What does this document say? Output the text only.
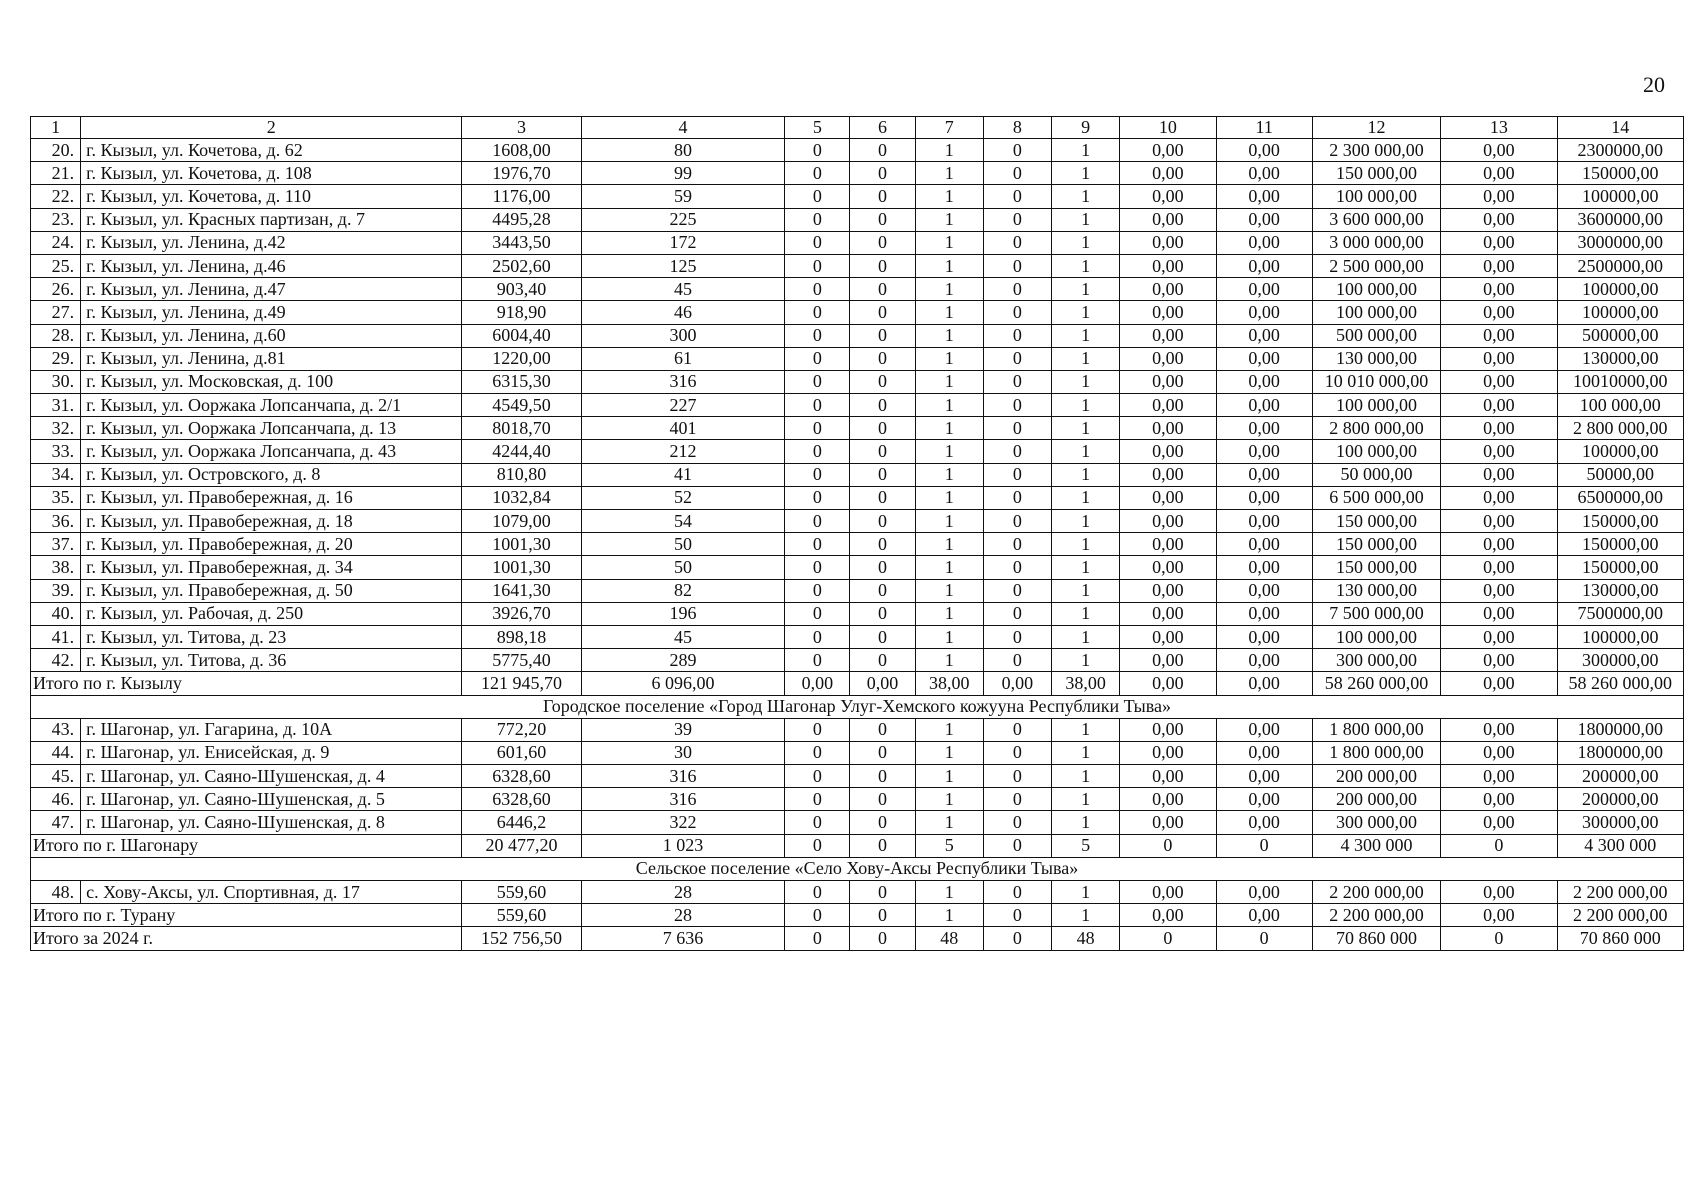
20
1	2	3	4	5	6	7	8	9	10	11	12	13	14
20.	г. Кызыл, ул. Кочетова, д. 62	1608,00	80	0	0	1	0	1	0,00	0,00	2 300 000,00	0,00	2300000,00
21.	г. Кызыл, ул. Кочетова, д. 108	1976,70	99	0	0	1	0	1	0,00	0,00	150 000,00	0,00	150000,00
22.	г. Кызыл, ул. Кочетова, д. 110	1176,00	59	0	0	1	0	1	0,00	0,00	100 000,00	0,00	100000,00
23.	г. Кызыл, ул. Красных партизан, д. 7	4495,28	225	0	0	1	0	1	0,00	0,00	3 600 000,00	0,00	3600000,00
24.	г. Кызыл, ул. Ленина, д.42	3443,50	172	0	0	1	0	1	0,00	0,00	3 000 000,00	0,00	3000000,00
25.	г. Кызыл, ул. Ленина, д.46	2502,60	125	0	0	1	0	1	0,00	0,00	2 500 000,00	0,00	2500000,00
26.	г. Кызыл, ул. Ленина, д.47	903,40	45	0	0	1	0	1	0,00	0,00	100 000,00	0,00	100000,00
27.	г. Кызыл, ул. Ленина, д.49	918,90	46	0	0	1	0	1	0,00	0,00	100 000,00	0,00	100000,00
28.	г. Кызыл, ул. Ленина, д.60	6004,40	300	0	0	1	0	1	0,00	0,00	500 000,00	0,00	500000,00
29.	г. Кызыл, ул. Ленина, д.81	1220,00	61	0	0	1	0	1	0,00	0,00	130 000,00	0,00	130000,00
30.	г. Кызыл, ул. Московская, д. 100	6315,30	316	0	0	1	0	1	0,00	0,00	10 010 000,00	0,00	10010000,00
31.	г. Кызыл, ул. Ооржака Лопсанчапа, д. 2/1	4549,50	227	0	0	1	0	1	0,00	0,00	100 000,00	0,00	100 000,00
32.	г. Кызыл, ул. Ооржака Лопсанчапа, д. 13	8018,70	401	0	0	1	0	1	0,00	0,00	2 800 000,00	0,00	2 800 000,00
33.	г. Кызыл, ул. Ооржака Лопсанчапа, д. 43	4244,40	212	0	0	1	0	1	0,00	0,00	100 000,00	0,00	100000,00
34.	г. Кызыл, ул. Островского, д. 8	810,80	41	0	0	1	0	1	0,00	0,00	50 000,00	0,00	50000,00
35.	г. Кызыл, ул. Правобережная, д. 16	1032,84	52	0	0	1	0	1	0,00	0,00	6 500 000,00	0,00	6500000,00
36.	г. Кызыл, ул. Правобережная, д. 18	1079,00	54	0	0	1	0	1	0,00	0,00	150 000,00	0,00	150000,00
37.	г. Кызыл, ул. Правобережная, д. 20	1001,30	50	0	0	1	0	1	0,00	0,00	150 000,00	0,00	150000,00
38.	г. Кызыл, ул. Правобережная, д. 34	1001,30	50	0	0	1	0	1	0,00	0,00	150 000,00	0,00	150000,00
39.	г. Кызыл, ул. Правобережная, д. 50	1641,30	82	0	0	1	0	1	0,00	0,00	130 000,00	0,00	130000,00
40.	г. Кызыл, ул. Рабочая, д. 250	3926,70	196	0	0	1	0	1	0,00	0,00	7 500 000,00	0,00	7500000,00
41.	г. Кызыл, ул. Титова, д. 23	898,18	45	0	0	1	0	1	0,00	0,00	100 000,00	0,00	100000,00
42.	г. Кызыл, ул. Титова, д. 36	5775,40	289	0	0	1	0	1	0,00	0,00	300 000,00	0,00	300000,00
Итого по г. Кызылу		121 945,70	6 096,00	0,00	0,00	38,00	0,00	38,00	0,00	0,00	58 260 000,00	0,00	58 260 000,00
Городское поселение «Город Шагонар Улуг-Хемского кожууна Республики Тыва»													
43.	г. Шагонар, ул. Гагарина, д. 10А	772,20	39	0	0	1	0	1	0,00	0,00	1 800 000,00	0,00	1800000,00
44.	г. Шагонар, ул. Енисейская, д. 9	601,60	30	0	0	1	0	1	0,00	0,00	1 800 000,00	0,00	1800000,00
45.	г. Шагонар, ул. Саяно-Шушенская, д. 4	6328,60	316	0	0	1	0	1	0,00	0,00	200 000,00	0,00	200000,00
46.	г. Шагонар, ул. Саяно-Шушенская, д. 5	6328,60	316	0	0	1	0	1	0,00	0,00	200 000,00	0,00	200000,00
47.	г. Шагонар, ул. Саяно-Шушенская, д. 8	6446,2	322	0	0	1	0	1	0,00	0,00	300 000,00	0,00	300000,00
Итого по г. Шагонару		20 477,20	1 023	0	0	5	0	5	0	0	4 300 000	0	4 300 000
Сельское поселение «Село Хову-Аксы Республики Тыва»													
48.	с. Хову-Аксы, ул. Спортивная, д. 17	559,60	28	0	0	1	0	1	0,00	0,00	2 200 000,00	0,00	2 200 000,00
Итого по г. Турану		559,60	28	0	0	1	0	1	0,00	0,00	2 200 000,00	0,00	2 200 000,00
Итого за 2024 г.		152 756,50	7 636	0	0	48	0	48	0	0	70 860 000	0	70 860 000
